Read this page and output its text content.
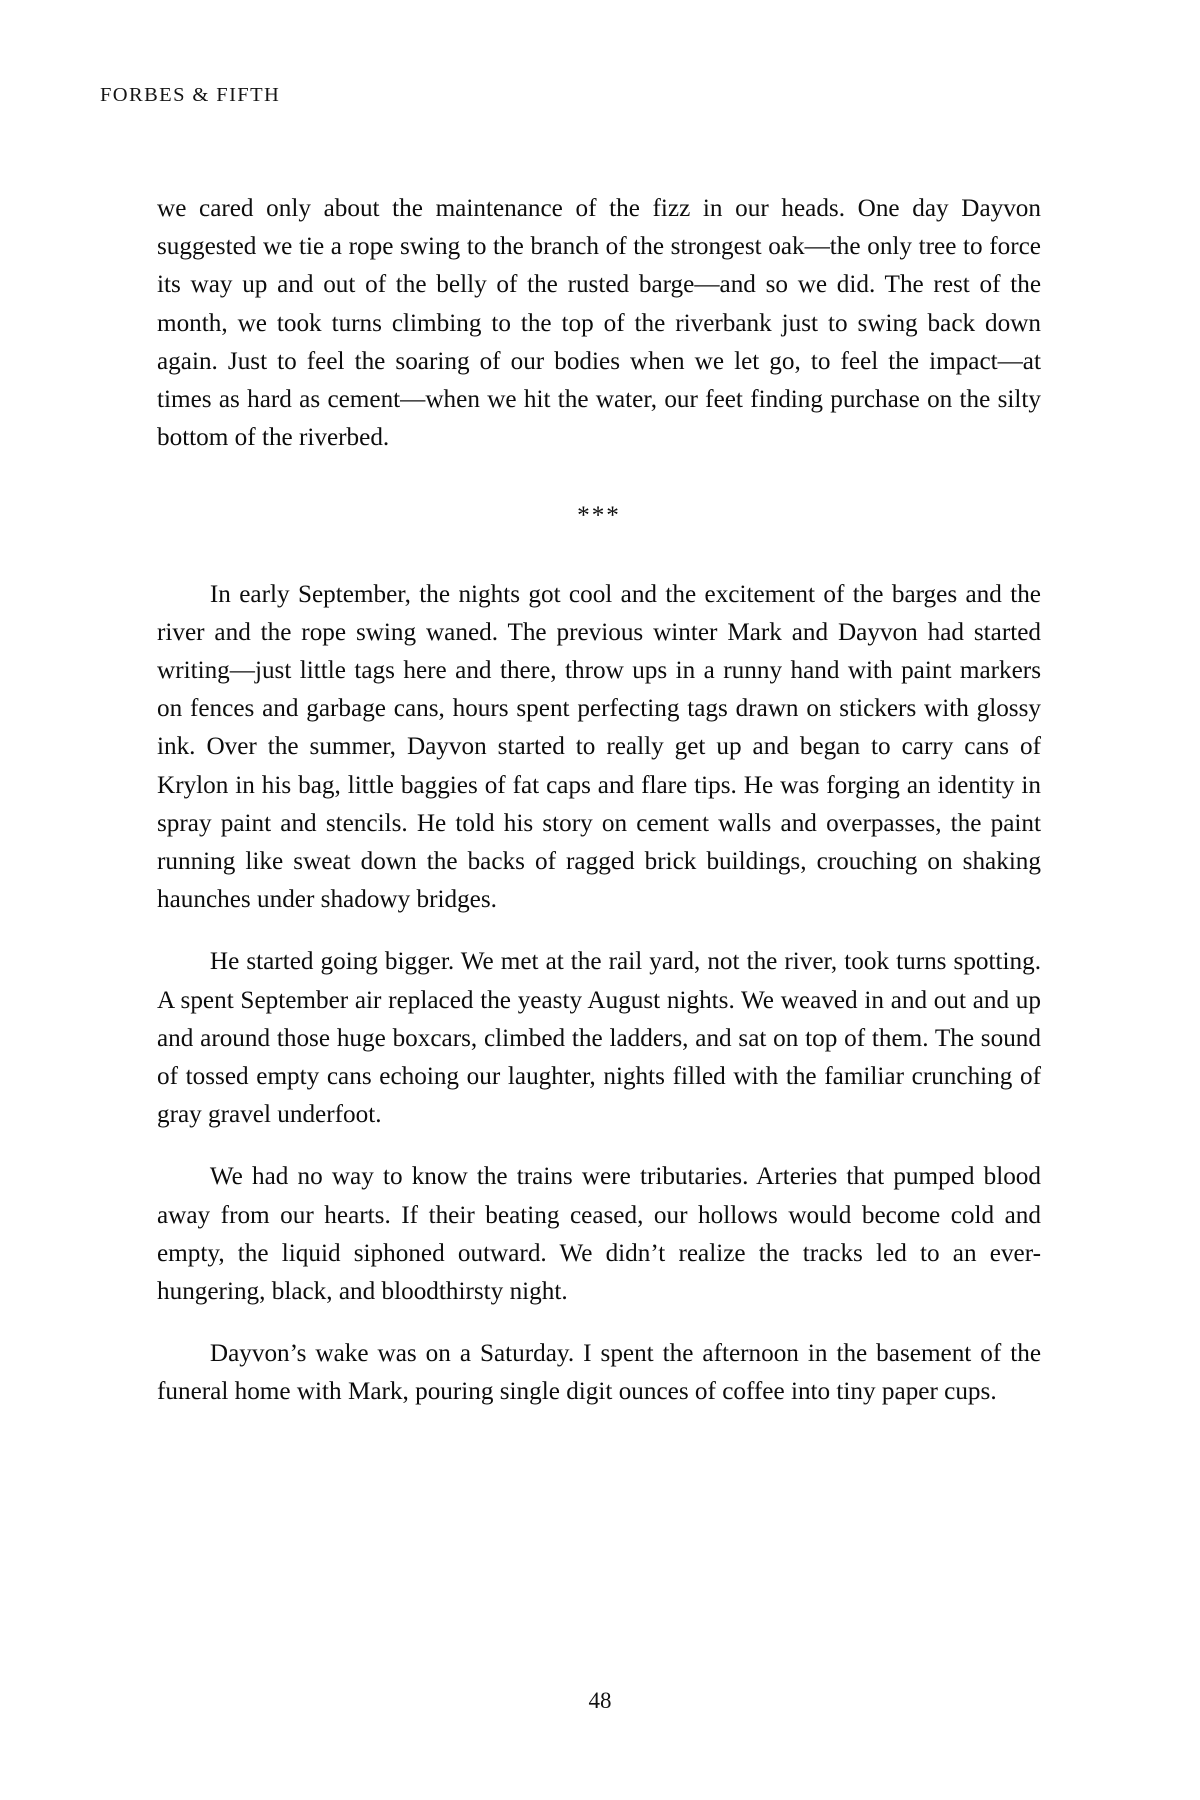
FORBES & FIFTH

we cared only about the maintenance of the fizz in our heads. One day Dayvon suggested we tie a rope swing to the branch of the strongest oak—the only tree to force its way up and out of the belly of the rusted barge—and so we did. The rest of the month, we took turns climbing to the top of the riverbank just to swing back down again. Just to feel the soaring of our bodies when we let go, to feel the impact—at times as hard as cement—when we hit the water, our feet finding purchase on the silty bottom of the riverbed.

***

In early September, the nights got cool and the excitement of the barges and the river and the rope swing waned. The previous winter Mark and Dayvon had started writing—just little tags here and there, throw ups in a runny hand with paint markers on fences and garbage cans, hours spent perfecting tags drawn on stickers with glossy ink. Over the summer, Dayvon started to really get up and began to carry cans of Krylon in his bag, little baggies of fat caps and flare tips. He was forging an identity in spray paint and stencils. He told his story on cement walls and overpasses, the paint running like sweat down the backs of ragged brick buildings, crouching on shaking haunches under shadowy bridges.

He started going bigger. We met at the rail yard, not the river, took turns spotting. A spent September air replaced the yeasty August nights. We weaved in and out and up and around those huge boxcars, climbed the ladders, and sat on top of them. The sound of tossed empty cans echoing our laughter, nights filled with the familiar crunching of gray gravel underfoot.

We had no way to know the trains were tributaries. Arteries that pumped blood away from our hearts. If their beating ceased, our hollows would become cold and empty, the liquid siphoned outward. We didn’t realize the tracks led to an ever-hungering, black, and bloodthirsty night.

Dayvon’s wake was on a Saturday. I spent the afternoon in the basement of the funeral home with Mark, pouring single digit ounces of coffee into tiny paper cups.

48
